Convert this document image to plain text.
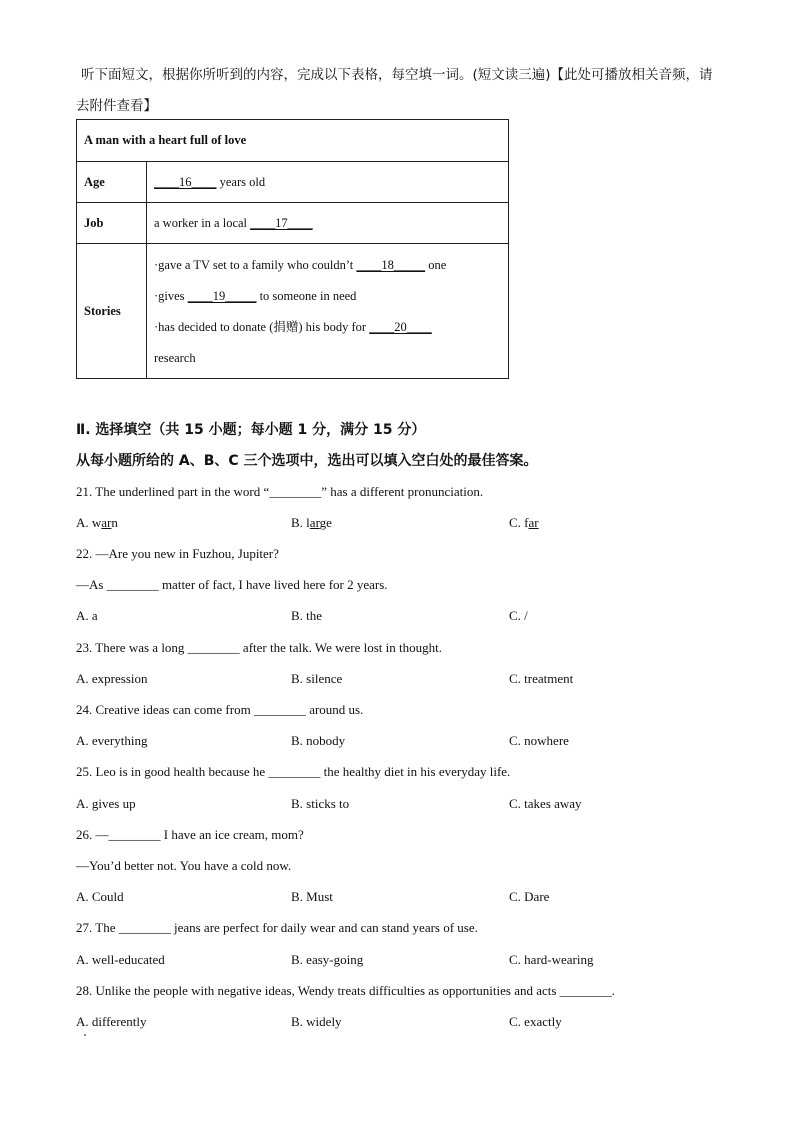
听下面短文，根据你所听到的内容，完成以下表格，每空填一词。(短文读三遍)【此处可播放相关音频，请去附件查看】
A man with a heart full of love	
Age	____16____ years old
Job	a worker in a local ____17____
Stories	·gave a TV set to a family who couldn’t ____18_____ one
·gives ____19_____ to someone in need
·has decided to donate (捐赠) his body for ____20____
research
Ⅱ. 选择填空（共 15 小题；每小题 1 分，满分 15 分）
从每小题所给的 A、B、C 三个选项中，选出可以填入空白处的最佳答案。
21. The underlined part in the word “________” has a different pronunciation.
A. warn	B. large	C. far
22. —Are you new in Fuzhou, Jupiter?
—As ________ matter of fact, I have lived here for 2 years.
A. a	B. the	C. /
23. There was a long ________ after the talk. We were lost in thought.
A. expression	B. silence	C. treatment
24. Creative ideas can come from ________ around us.
A. everything	B. nobody	C. nowhere
25. Leo is in good health because he ________ the healthy diet in his everyday life.
A. gives up	B. sticks to	C. takes away
26. —________ I have an ice cream, mom?
—You’d better not. You have a cold now.
A. Could	B. Must	C. Dare
27. The ________ jeans are perfect for daily wear and can stand years of use.
A. well-educated	B. easy-going	C. hard-wearing
28. Unlike the people with negative ideas, Wendy treats difficulties as opportunities and acts ________.
A. differently	B. widely	C. exactly
